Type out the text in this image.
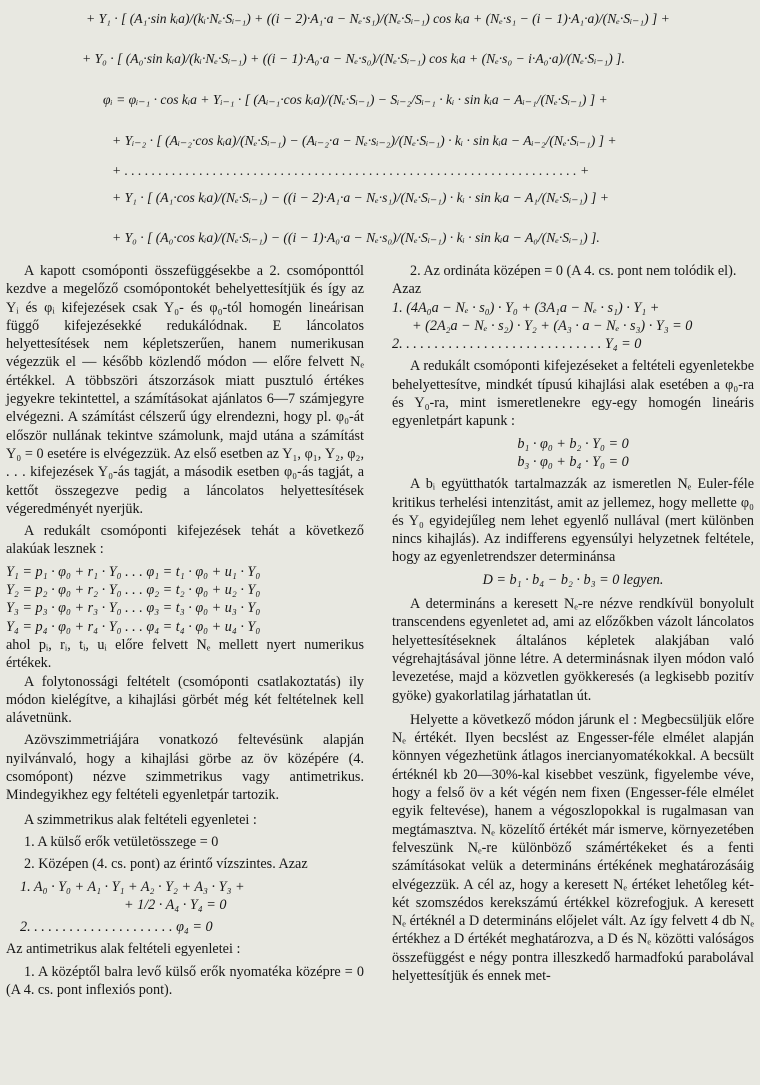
+ Y₁ · [ (A₁·sin kᵢa)/(kᵢ·Nₑ·Sᵢ₋₁) + ((i − 2)·A₁·a − Nₑ·s₁)/(Nₑ·Sᵢ₋₁) cos kᵢa + (Nₑ·s₁ − (i − 1)·A₁·a)/(Nₑ·Sᵢ₋₁) ] +
+ Y₀ · [ (A₀·sin kᵢa)/(kᵢ·Nₑ·Sᵢ₋₁) + ((i − 1)·A₀·a − Nₑ·s₀)/(Nₑ·Sᵢ₋₁) cos kᵢa + (Nₑ·s₀ − i·A₀·a)/(Nₑ·Sᵢ₋₁) ].
φᵢ = φᵢ₋₁ · cos kᵢa + Yᵢ₋₁ · [ (Aᵢ₋₁·cos kᵢa)/(Nₑ·Sᵢ₋₁) − Sᵢ₋₂/Sᵢ₋₁ · kᵢ · sin kᵢa − Aᵢ₋₁/(Nₑ·Sᵢ₋₁) ] +
+ Yᵢ₋₂ · [ (Aᵢ₋₂·cos kᵢa)/(Nₑ·Sᵢ₋₁) − (Aᵢ₋₂·a − Nₑ·sᵢ₋₂)/(Nₑ·Sᵢ₋₁) · kᵢ · sin kᵢa − Aᵢ₋₂/(Nₑ·Sᵢ₋₁) ] +
+ . . . . . . . . . . . . . . . . . . . . . . . . . . . . . . . . . . . . . . . . . . . . . . . . . . . . . . . . . . . . . . . . . . . +
+ Y₁ · [ (A₁·cos kᵢa)/(Nₑ·Sᵢ₋₁) − ((i − 2)·A₁·a − Nₑ·s₁)/(Nₑ·Sᵢ₋₁) · kᵢ · sin kᵢa − A₁/(Nₑ·Sᵢ₋₁) ] +
+ Y₀ · [ (A₀·cos kᵢa)/(Nₑ·Sᵢ₋₁) − ((i − 1)·A₀·a − Nₑ·s₀)/(Nₑ·Sᵢ₋₁) · kᵢ · sin kᵢa − A₀/(Nₑ·Sᵢ₋₁) ].

A kapott csomóponti összefüggésekbe a 2. csomóponttól kezdve a megelőző csomópontokét behelyettesítjük és így az Yᵢ és φᵢ kifejezések csak Y₀- és φ₀-tól homogén lineárisan függő kifejezésekké redukálódnak. E láncolatos helyettesítések nem képletszerűen, hanem numerikusan végezzük el — később közlendő módon — előre felvett Nₑ értékkel. A többszöri átszorzások miatt pusztuló értékes jegyekre tekintettel, a számításokat ajánlatos 6—7 számjegyre elvégezni. A számítást célszerű úgy elrendezni, hogy pl. φ₀-át először nullának tekintve számolunk, majd utána a számítást Y₀ = 0 esetére is elvégezzük. Az első esetben az Y₁, φ₁, Y₂, φ₂, . . . kifejezések Y₀-ás tagját, a második esetben φ₀-ás tagját, a kettőt összegezve pedig a láncolatos helyettesítések végeredményét nyerjük.

A redukált csomóponti kifejezések tehát a következő alakúak lesznek :

Y₁ = p₁ · φ₀ + r₁ · Y₀ . . . φ₁ = t₁ · φ₀ + u₁ · Y₀
Y₂ = p₂ · φ₀ + r₂ · Y₀ . . . φ₂ = t₂ · φ₀ + u₂ · Y₀
Y₃ = p₃ · φ₀ + r₃ · Y₀ . . . φ₃ = t₃ · φ₀ + u₃ · Y₀
Y₄ = p₄ · φ₀ + r₄ · Y₀ . . . φ₄ = t₄ · φ₀ + u₄ · Y₀

ahol pᵢ, rᵢ, tᵢ, uᵢ előre felvett Nₑ mellett nyert numerikus értékek.

A folytonossági feltételt (csomóponti csatlakoztatás) ily módon kielégítve, a kihajlási görbét még két feltételnek kell alávetnünk.

Azövszimmetriájára vonatkozó feltevésünk alapján nyilvánvaló, hogy a kihajlási görbe az öv középére (4. csomópont) nézve szimmetrikus vagy antimetrikus. Mindegyikhez egy feltételi egyenletpár tartozik.

A szimmetrikus alak feltételi egyenletei :

1. A külső erők vetületösszege = 0

2. Középen (4. cs. pont) az érintő vízszintes. Azaz

1. A₀ · Y₀ + A₁ · Y₁ + A₂ · Y₂ + A₃ · Y₃ +
+ 1/2 · A₄ · Y₄ = 0
2. . . . . . . . . . . . . . . . . . . . . φ₄ = 0

Az antimetrikus alak feltételi egyenletei :

1. A középtől balra levő külső erők nyomatéka középre = 0 (A 4. cs. pont inflexiós pont).

2. Az ordináta középen = 0 (A 4. cs. pont nem tolódik el).

Azaz

1. (4A₀a − Nₑ · s₀) · Y₀ + (3A₁a − Nₑ · s₁) · Y₁ +
+ (2A₂a − Nₑ · s₂) · Y₂ + (A₃ · a − Nₑ · s₃) · Y₃ = 0
2. . . . . . . . . . . . . . . . . . . . . . . . . . . . . Y₄ = 0

A redukált csomóponti kifejezéseket a feltételi egyenletekbe behelyettesítve, mindkét típusú kihajlási alak esetében a φ₀-ra és Y₀-ra, mint ismeretlenekre egy-egy homogén lineáris egyenletpárt kapunk :

b₁ · φ₀ + b₂ · Y₀ = 0
b₃ · φ₀ + b₄ · Y₀ = 0

A bᵢ együtthatók tartalmazzák az ismeretlen Nₑ Euler-féle kritikus terhelési intenzitást, amit az jellemez, hogy mellette φ₀ és Y₀ egyidejűleg nem lehet egyenlő nullával (mert különben nincs kihajlás). Az indifferens egyensúlyi helyzetnek feltétele, hogy az egyenletrendszer determinánsa

D = b₁ · b₄ − b₂ · b₃ = 0 legyen.

A determináns a keresett Nₑ-re nézve rendkívül bonyolult transcendens egyenletet ad, ami az előzőkben vázolt láncolatos helyettesítéseknek általános képletek alakjában való végrehajtásával jönne létre. A determinásnak ilyen módon való levezetése, majd a közvetlen gyökkeresés (a legkisebb pozitív gyöke) gyakorlatilag járhatatlan út.

Helyette a következő módon járunk el : Megbecsüljük előre Nₑ értékét. Ilyen becslést az Engesser-féle elmélet alapján könnyen végezhetünk átlagos inercianyomatékokkal. A becsült értéknél kb 20—30%-kal kisebbet veszünk, figyelembe véve, hogy a felső öv a két végén nem fixen (Engesser-féle elmélet egyik feltevése), hanem a végoszlopokkal is rugalmasan van megtámasztva. Nₑ közelítő értékét már ismerve, környezetében felveszünk Nₑ-re különböző számértékeket és a fenti számításokat velük a determináns értékének meghatározásáig elvégezzük. A cél az, hogy a keresett Nₑ értéket lehetőleg két-két szomszédos kerekszámú értékkel közrefogjuk. A keresett Nₑ értéknél a D determináns előjelet vált. Az így felvett 4 db Nₑ értékhez a D értékét meghatározva, a D és Nₑ közötti valóságos összefüggést e négy pontra illeszkedő harmadfokú parabolával helyettesítjük és ennek met-
